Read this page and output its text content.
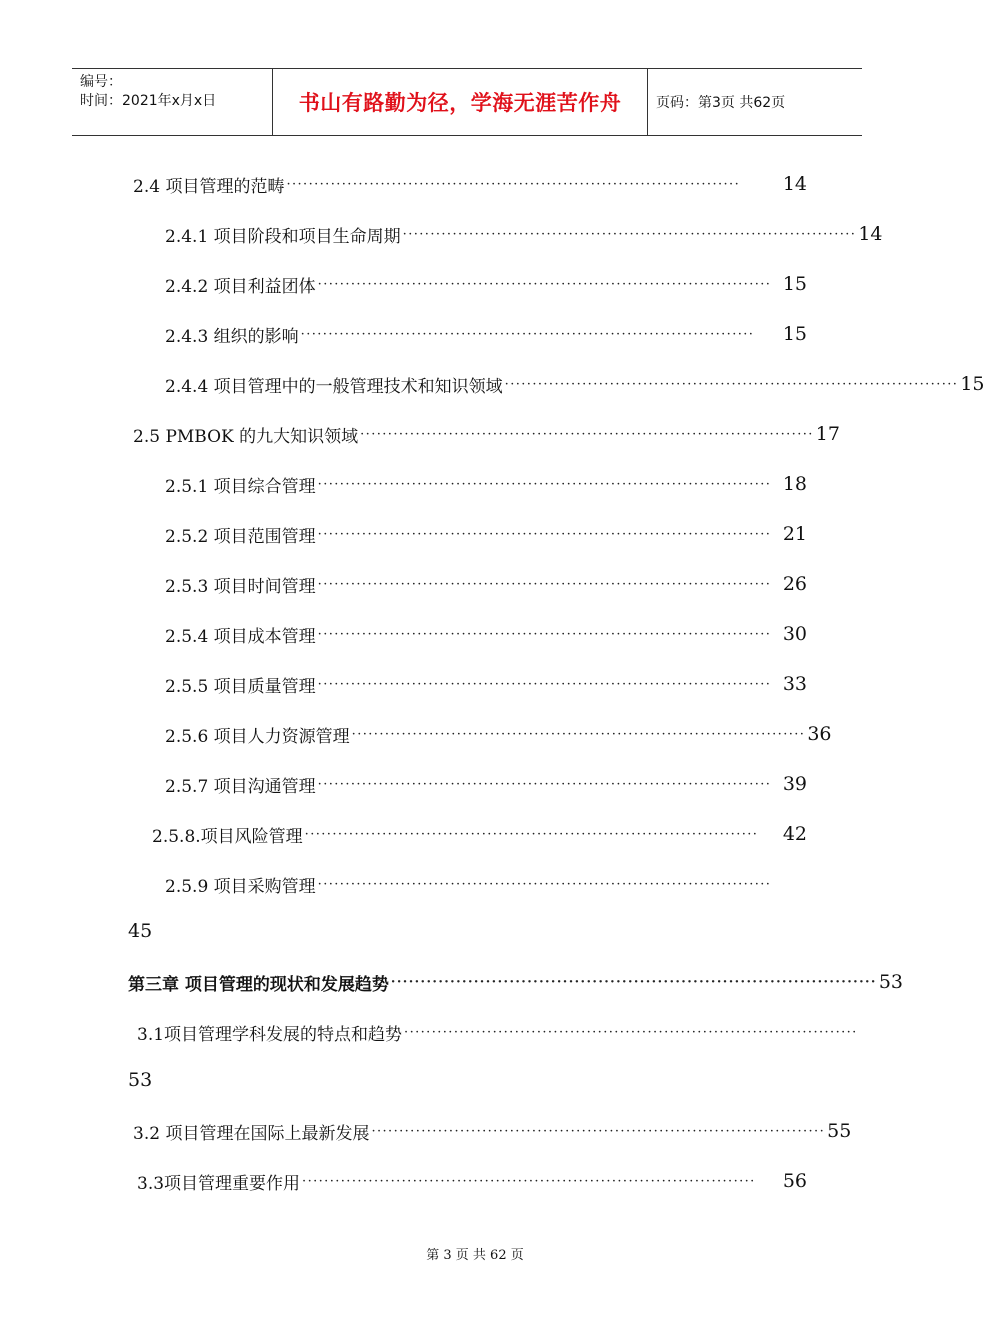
编号：
时间：2021年x月x日	书山有路勤为径，学海无涯苦作舟	页码：第3页 共62页
2.4 项目管理的范畴 ··················································································	14
2.4.1 项目阶段和项目生命周期 ·················································································· 14
2.4.2 项目利益团体 ·················································································· 15
2.4.3 组织的影响 ··················································································	15
2.4.4 项目管理中的一般管理技术和知识领域 ·················································································· 15
2.5 PMBOK 的九大知识领域 ·················································································· 17
2.5.1 项目综合管理 ·················································································· 18
2.5.2 项目范围管理 ·················································································· 21
2.5.3 项目时间管理 ·················································································· 26
2.5.4 项目成本管理 ·················································································· 30
2.5.5 项目质量管理 ·················································································· 33
2.5.6 项目人力资源管理 ·················································································· 36
2.5.7 项目沟通管理 ·················································································· 39
2.5.8.项目风险管理 ··················································································	42
2.5.9 项目采购管理 ··················································································
45
第三章 项目管理的现状和发展趋势 ·················································································· 53
3.1项目管理学科发展的特点和趋势 ··················································································
53
3.2 项目管理在国际上最新发展 ·················································································· 55
3.3项目管理重要作用 ··················································································	56
第 3 页 共 62 页
